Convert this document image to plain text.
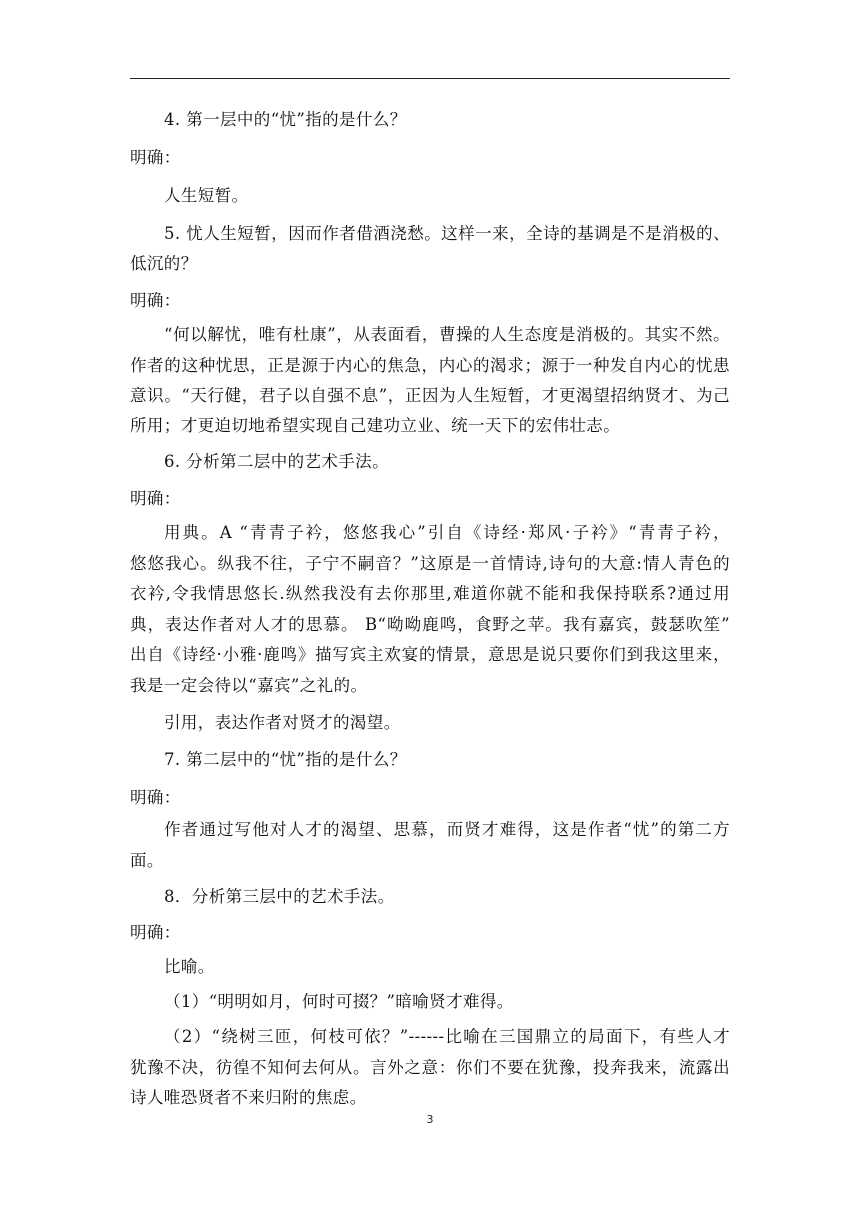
4. 第一层中的“忧”指的是什么？
明确：
人生短暂。
5. 忧人生短暂，因而作者借酒浇愁。这样一来，全诗的基调是不是消极的、
低沉的？
明确：
“何以解忧，唯有杜康”，从表面看，曹操的人生态度是消极的。其实不然。
作者的这种忧思，正是源于内心的焦急，内心的渴求；源于一种发自内心的忧患
意识。“天行健，君子以自强不息”，正因为人生短暂，才更渴望招纳贤才、为己
所用；才更迫切地希望实现自己建功立业、统一天下的宏伟壮志。
6. 分析第二层中的艺术手法。
明确：
用典。A “青青子衿，悠悠我心”引自《诗经·郑风·子衿》“青青子衿，
悠悠我心。纵我不往，子宁不嗣音？”这原是一首情诗,诗句的大意:情人青色的
衣衿,令我情思悠长.纵然我没有去你那里,难道你就不能和我保持联系?通过用
典，表达作者对人才的思慕。 B“呦呦鹿鸣，食野之苹。我有嘉宾，鼓瑟吹笙”
出自《诗经·小雅·鹿鸣》描写宾主欢宴的情景，意思是说只要你们到我这里来，
我是一定会待以“嘉宾”之礼的。
引用，表达作者对贤才的渴望。
7. 第二层中的“忧”指的是什么？
明确：
作者通过写他对人才的渴望、思慕，而贤才难得，这是作者“忧”的第二方
面。
8．分析第三层中的艺术手法。
明确：
比喻。
（1）“明明如月，何时可掇？”暗喻贤才难得。
（2）“绕树三匝，何枝可依？”------比喻在三国鼎立的局面下，有些人才
犹豫不决，彷徨不知何去何从。言外之意：你们不要在犹豫，投奔我来，流露出
诗人唯恐贤者不来归附的焦虑。
3
